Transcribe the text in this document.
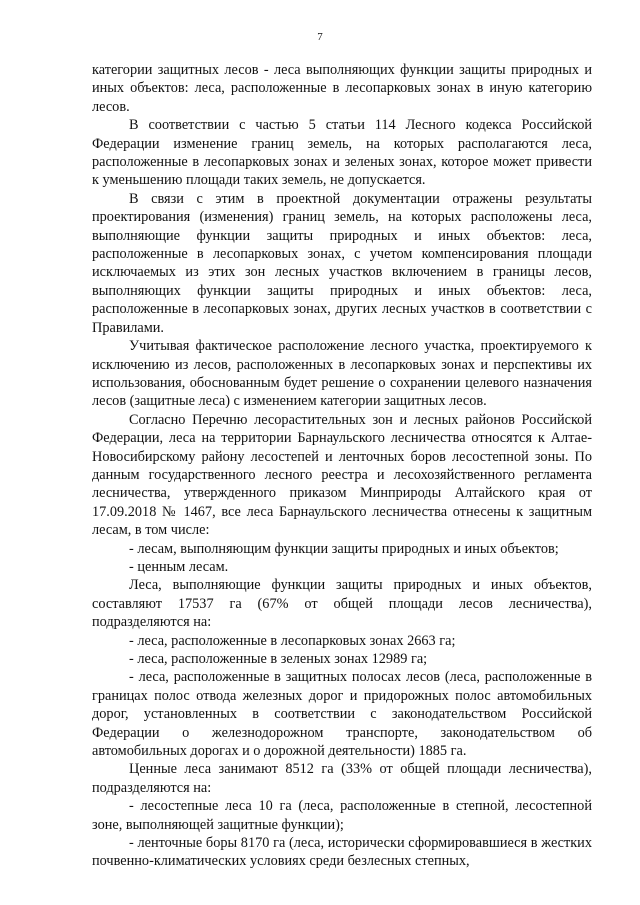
7

категории защитных лесов - леса выполняющих функции защиты природных и иных объектов: леса, расположенные в лесопарковых зонах в иную категорию лесов.

В соответствии с частью 5 статьи 114 Лесного кодекса Российской Федерации изменение границ земель, на которых располагаются леса, расположенные в лесопарковых зонах и зеленых зонах, которое может привести к уменьшению площади таких земель, не допускается.

В связи с этим в проектной документации отражены результаты проектирования (изменения) границ земель, на которых расположены леса, выполняющие функции защиты природных и иных объектов: леса, расположенные в лесопарковых зонах, с учетом компенсирования площади исключаемых из этих зон лесных участков включением в границы лесов, выполняющих функции защиты природных и иных объектов: леса, расположенные в лесопарковых зонах, других лесных участков в соответствии с Правилами.

Учитывая фактическое расположение лесного участка, проектируемого к исключению из лесов, расположенных в лесопарковых зонах и перспективы их использования, обоснованным будет решение о сохранении целевого назначения лесов (защитные леса) с изменением категории защитных лесов.

Согласно Перечню лесорастительных зон и лесных районов Российской Федерации, леса на территории Барнаульского лесничества относятся к Алтае-Новосибирскому району лесостепей и ленточных боров лесостепной зоны. По данным государственного лесного реестра и лесохозяйственного регламента лесничества, утвержденного приказом Минприроды Алтайского края от 17.09.2018 № 1467, все леса Барнаульского лесничества отнесены к защитным лесам, в том числе:

- лесам, выполняющим функции защиты природных и иных объектов;

- ценным лесам.

Леса, выполняющие функции защиты природных и иных объектов, составляют 17537 га (67% от общей площади лесов лесничества), подразделяются на:

- леса, расположенные в лесопарковых зонах 2663 га;

- леса, расположенные в зеленых зонах 12989 га;

- леса, расположенные в защитных полосах лесов (леса, расположенные в границах полос отвода железных дорог и придорожных полос автомобильных дорог, установленных в соответствии с законодательством Российской Федерации о железнодорожном транспорте, законодательством об автомобильных дорогах и о дорожной деятельности) 1885 га.

Ценные леса занимают 8512 га (33% от общей площади лесничества), подразделяются на:

- лесостепные леса 10 га (леса, расположенные в степной, лесостепной зоне, выполняющей защитные функции);

- ленточные боры 8170 га (леса, исторически сформировавшиеся в жестких почвенно-климатических условиях среди безлесных степных,
